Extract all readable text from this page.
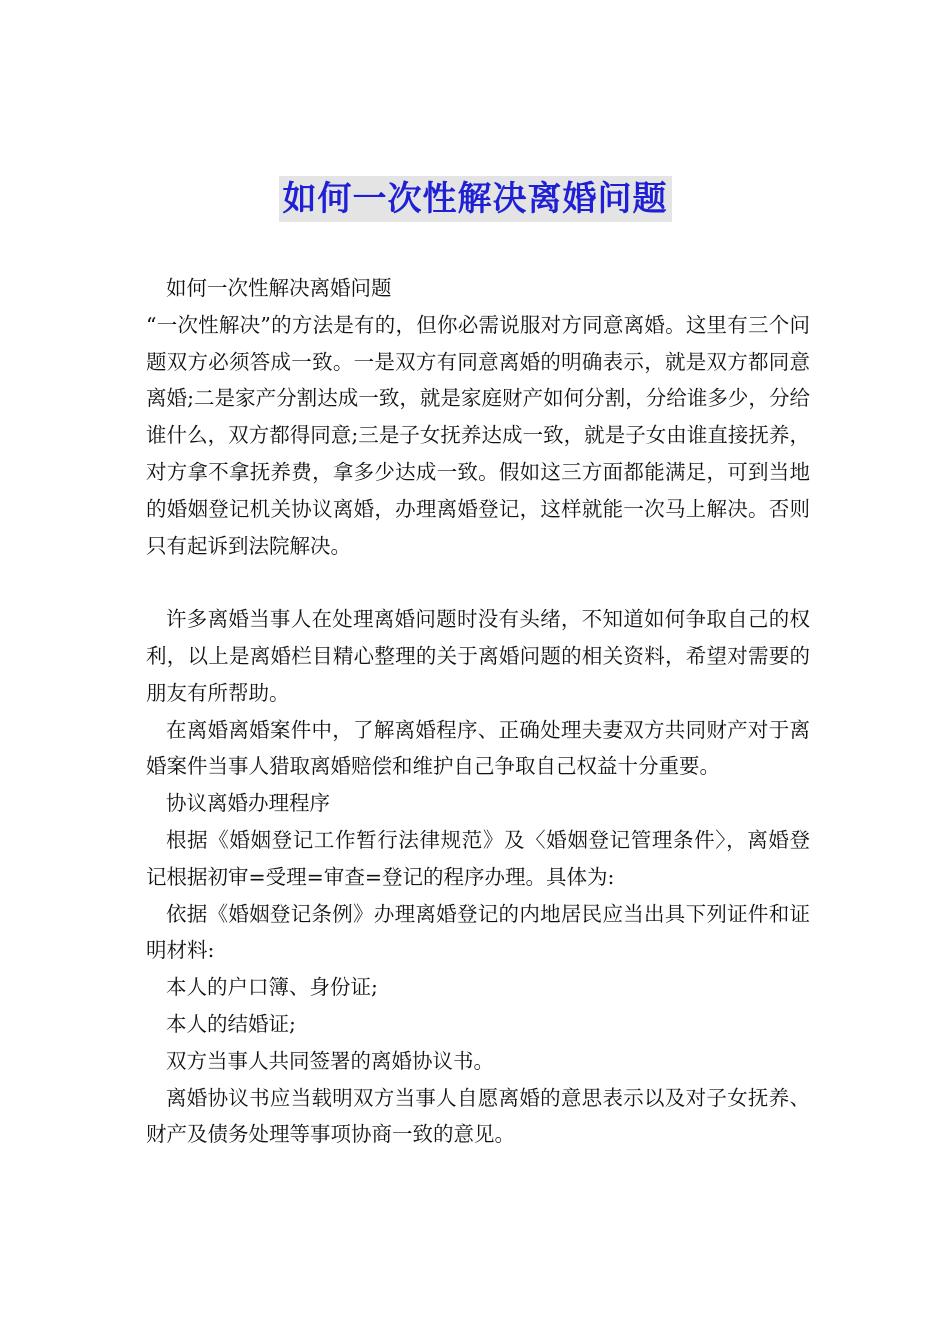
如何一次性解决离婚问题

如何一次性解决离婚问题

“一次性解决”的方法是有的，但你必需说服对方同意离婚。这里有三个问题双方必须答成一致。一是双方有同意离婚的明确表示，就是双方都同意离婚;二是家产分割达成一致，就是家庭财产如何分割，分给谁多少，分给谁什么，双方都得同意;三是子女抚养达成一致，就是子女由谁直接抚养，对方拿不拿抚养费，拿多少达成一致。假如这三方面都能满足，可到当地的婚姻登记机关协议离婚，办理离婚登记，这样就能一次马上解决。否则只有起诉到法院解决。

许多离婚当事人在处理离婚问题时没有头绪，不知道如何争取自己的权利，以上是离婚栏目精心整理的关于离婚问题的相关资料，希望对需要的朋友有所帮助。

在离婚离婚案件中，了解离婚程序、正确处理夫妻双方共同财产对于离婚案件当事人猎取离婚赔偿和维护自己争取自己权益十分重要。

协议离婚办理程序

根据《婚姻登记工作暂行法律规范》及〈婚姻登记管理条件〉，离婚登记根据初审=受理=审查=登记的程序办理。具体为:

依据《婚姻登记条例》办理离婚登记的内地居民应当出具下列证件和证明材料:

本人的户口簿、身份证;

本人的结婚证;

双方当事人共同签署的离婚协议书。

离婚协议书应当载明双方当事人自愿离婚的意思表示以及对子女抚养、财产及债务处理等事项协商一致的意见。
